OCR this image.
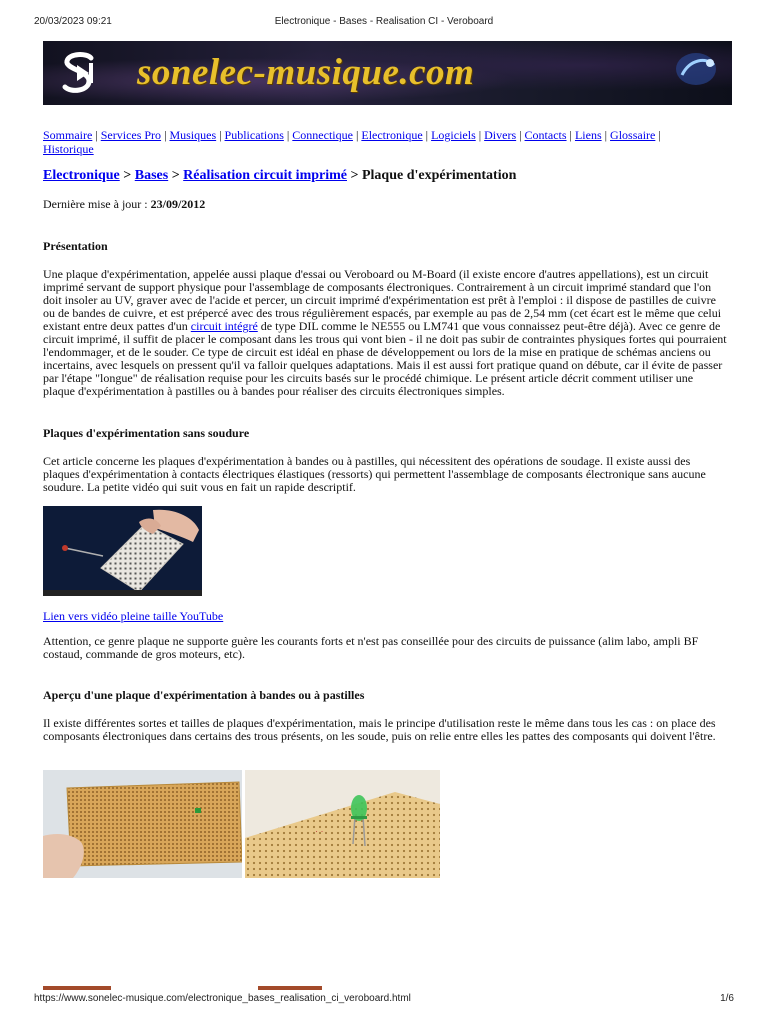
20/03/2023 09:21	Electronique - Bases - Realisation CI - Veroboard
sonelec-musique.com
Sommaire | Services Pro | Musiques | Publications | Connectique | Electronique | Logiciels | Divers | Contacts | Liens | Glossaire |
Historique
Electronique > Bases > Réalisation circuit imprimé > Plaque d'expérimentation
Dernière mise à jour : 23/09/2012
Présentation

Une plaque d'expérimentation, appelée aussi plaque d'essai ou Veroboard ou M-Board (il existe encore d'autres appellations), est un circuit imprimé servant de support physique pour l'assemblage de composants électroniques. Contrairement à un circuit imprimé standard que l'on doit insoler au UV, graver avec de l'acide et percer, un circuit imprimé d'expérimentation est prêt à l'emploi : il dispose de pastilles de cuivre ou de bandes de cuivre, et est prépercé avec des trous régulièrement espacés, par exemple au pas de 2,54 mm (cet écart est le même que celui existant entre deux pattes d'un circuit intégré de type DIL comme le NE555 ou LM741 que vous connaissez peut-être déjà). Avec ce genre de circuit imprimé, il suffit de placer le composant dans les trous qui vont bien - il ne doit pas subir de contraintes physiques fortes qui pourraient l'endommager, et de le souder. Ce type de circuit est idéal en phase de développement ou lors de la mise en pratique de schémas anciens ou incertains, avec lesquels on pressent qu'il va falloir quelques adaptations. Mais il est aussi fort pratique quand on débute, car il évite de passer par l'étape "longue" de réalisation requise pour les circuits basés sur le procédé chimique. Le présent article décrit comment utiliser une plaque d'expérimentation à pastilles ou à bandes pour réaliser des circuits électroniques simples.

Plaques d'expérimentation sans soudure

Cet article concerne les plaques d'expérimentation à bandes ou à pastilles, qui nécessitent des opérations de soudage. Il existe aussi des plaques d'expérimentation à contacts électriques élastiques (ressorts) qui permettent l'assemblage de composants électronique sans aucune soudure. La petite vidéo qui suit vous en fait un rapide descriptif.

Lien vers vidéo pleine taille YouTube

Attention, ce genre plaque ne supporte guère les courants forts et n'est pas conseillée pour des circuits de puissance (alim labo, ampli BF costaud, commande de gros moteurs, etc).

Aperçu d'une plaque d'expérimentation à bandes ou à pastilles

Il existe différentes sortes et tailles de plaques d'expérimentation, mais le principe d'utilisation reste le même dans tous les cas : on place des composants électroniques dans certains des trous présents, on les soude, puis on relie entre elles les pattes des composants qui doivent l'être.

· ·
https://www.sonelec-musique.com/electronique_bases_realisation_ci_veroboard.html	1/6
